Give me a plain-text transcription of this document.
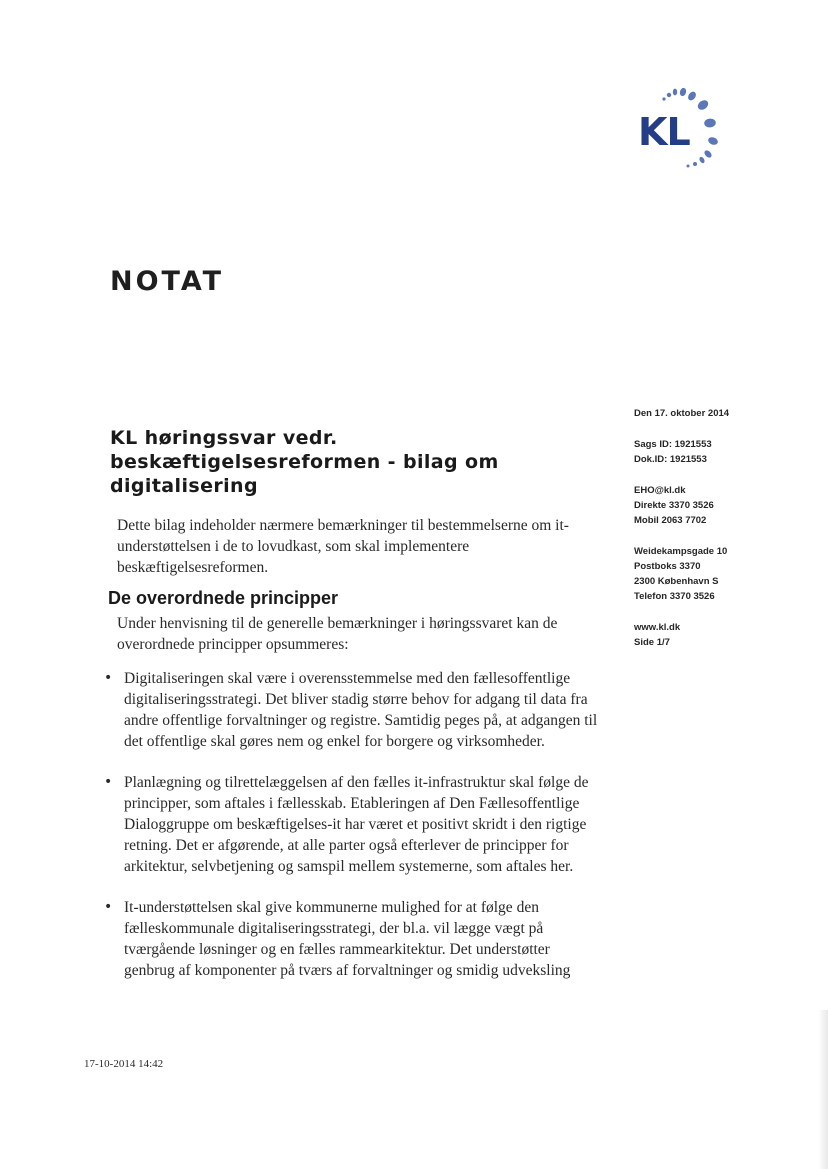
KL
NOTAT
KL høringssvar vedr. beskæftigelsesreformen - bilag om digitalisering

Dette bilag indeholder nærmere bemærkninger til bestemmelserne om it-understøttelsen i de to lovudkast, som skal implementere beskæftigelsesreformen.

De overordnede principper

Under henvisning til de generelle bemærkninger i høringssvaret kan de overordnede principper opsummeres:

• Digitaliseringen skal være i overensstemmelse med den fællesoffentlige digitaliseringsstrategi. Det bliver stadig større behov for adgang til data fra andre offentlige forvaltninger og registre. Samtidig peges på, at adgangen til det offentlige skal gøres nem og enkel for borgere og virksomheder.
• Planlægning og tilrettelæggelsen af den fælles it-infrastruktur skal følge de principper, som aftales i fællesskab. Etableringen af Den Fællesoffentlige Dialoggruppe om beskæftigelses-it har været et positivt skridt i den rigtige retning. Det er afgørende, at alle parter også efterlever de principper for arkitektur, selvbetjening og samspil mellem systemerne, som aftales her.
• It-understøttelsen skal give kommunerne mulighed for at følge den fælleskommunale digitaliseringsstrategi, der bl.a. vil lægge vægt på tværgående løsninger og en fælles rammearkitektur. Det understøtter genbrug af komponenter på tværs af forvaltninger og smidig udveksling
Den 17. oktober 2014
Sags ID: 1921553
Dok.ID: 1921553
EHO@kl.dk
Direkte 3370 3526
Mobil 2063 7702
Weidekampsgade 10
Postboks 3370
2300 København S
Telefon 3370 3526
www.kl.dk
Side 1/7
17-10-2014 14:42
